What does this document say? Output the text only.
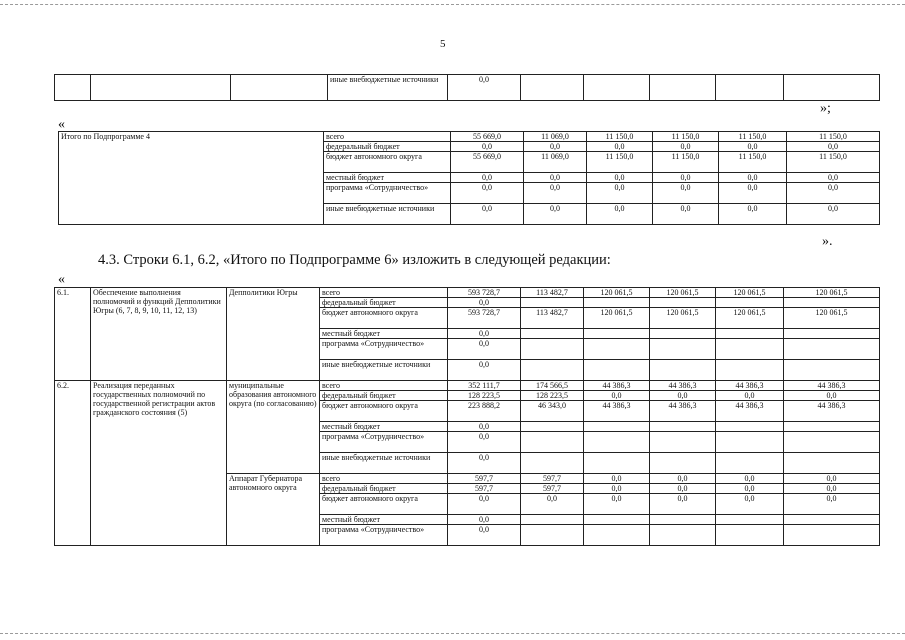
5
			иные внебюджетные источники	0,0					
»;
«
Итого по Подпрограмме 4	всего	55 669,0	11 069,0	11 150,0	11 150,0	11 150,0	11 150,0
	федеральный бюджет	0,0	0,0	0,0	0,0	0,0	0,0
	бюджет автономного округа	55 669,0	11 069,0	11 150,0	11 150,0	11 150,0	11 150,0
	местный бюджет	0,0	0,0	0,0	0,0	0,0	0,0
	программа «Сотрудничество»	0,0	0,0	0,0	0,0	0,0	0,0
	иные внебюджетные источники	0,0	0,0	0,0	0,0	0,0	0,0
».
4.3. Строки 6.1, 6.2, «Итого по Подпрограмме 6» изложить в следующей редакции:
«
6.1.	Обеспечение выполнения полномочий и функций Депполитики Югры (6, 7, 8, 9, 10, 11, 12, 13)	Депполитики Югры	всего	593 728,7	113 482,7	120 061,5	120 061,5	120 061,5	120 061,5
			федеральный бюджет	0,0					
			бюджет автономного округа	593 728,7	113 482,7	120 061,5	120 061,5	120 061,5	120 061,5
			местный бюджет	0,0					
			программа «Сотрудничество»	0,0					
			иные внебюджетные источники	0,0					
6.2.	Реализация переданных государственных полномочий по государственной регистрации актов гражданского состояния (5)	муниципальные образования автономного округа (по согласованию)	всего	352 111,7	174 566,5	44 386,3	44 386,3	44 386,3	44 386,3
			федеральный бюджет	128 223,5	128 223,5	0,0	0,0	0,0	0,0
			бюджет автономного округа	223 888,2	46 343,0	44 386,3	44 386,3	44 386,3	44 386,3
			местный бюджет	0,0					
			программа «Сотрудничество»	0,0					
			иные внебюджетные источники	0,0					
		Аппарат Губернатора автономного округа	всего	597,7	597,7	0,0	0,0	0,0	0,0
			федеральный бюджет	597,7	597,7	0,0	0,0	0,0	0,0
			бюджет автономного округа	0,0	0,0	0,0	0,0	0,0	0,0
			местный бюджет	0,0					
			программа «Сотрудничество»	0,0					
